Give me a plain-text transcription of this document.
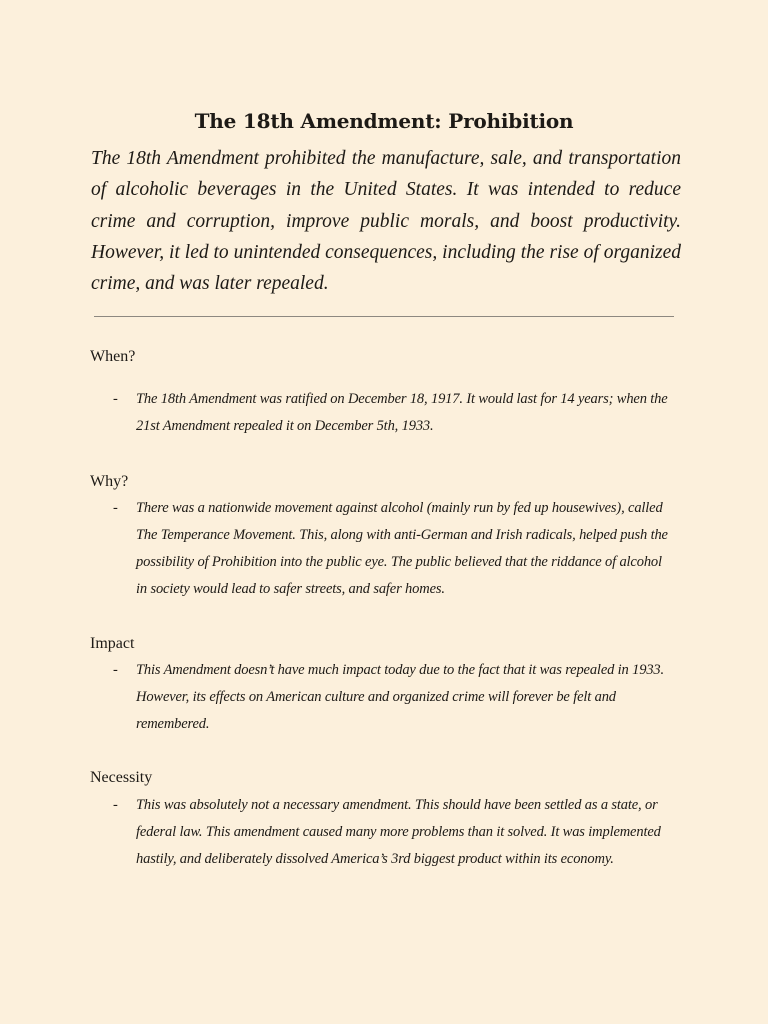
The 18th Amendment: Prohibition

The 18th Amendment prohibited the manufacture, sale, and transportation of alcoholic beverages in the United States. It was intended to reduce crime and corruption, improve public morals, and boost productivity. However, it led to unintended consequences, including the rise of organized crime, and was later repealed.

When?
- The 18th Amendment was ratified on December 18, 1917. It would last for 14 years; when the 21st Amendment repealed it on December 5th, 1933.

Why?
- There was a nationwide movement against alcohol (mainly run by fed up housewives), called The Temperance Movement. This, along with anti-German and Irish radicals, helped push the possibility of Prohibition into the public eye. The public believed that the riddance of alcohol in society would lead to safer streets, and safer homes.

Impact
- This Amendment doesn’t have much impact today due to the fact that it was repealed in 1933. However, its effects on American culture and organized crime will forever be felt and remembered.

Necessity
- This was absolutely not a necessary amendment. This should have been settled as a state, or federal law. This amendment caused many more problems than it solved. It was implemented hastily, and deliberately dissolved America’s 3rd biggest product within its economy.
